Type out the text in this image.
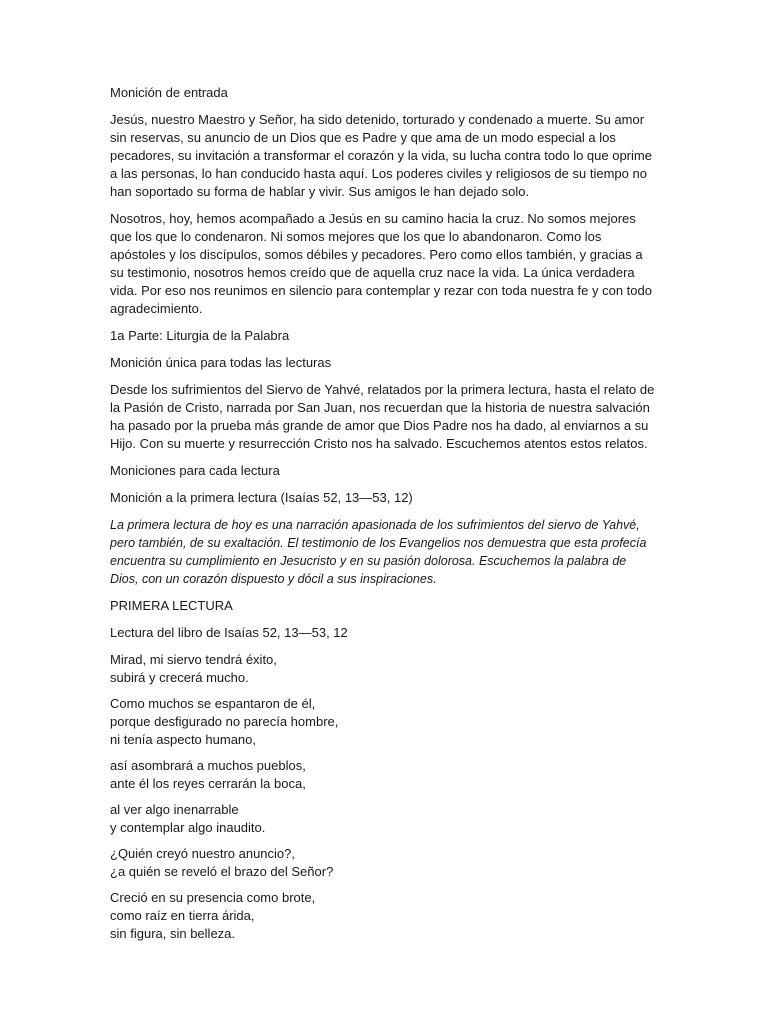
Monición de entrada

Jesús, nuestro Maestro y Señor, ha sido detenido, torturado y condenado a muerte. Su amor sin reservas, su anuncio de un Dios que es Padre y que ama de un modo especial a los pecadores, su invitación a transformar el corazón y la vida, su lucha contra todo lo que oprime a las personas, lo han conducido hasta aquí. Los poderes civiles y religiosos de su tiempo no han soportado su forma de hablar y vivir. Sus amigos le han dejado solo.

Nosotros, hoy, hemos acompañado a Jesús en su camino hacia la cruz. No somos mejores que los que lo condenaron. Ni somos mejores que los que lo abandonaron. Como los apóstoles y los discípulos, somos débiles y pecadores. Pero como ellos también, y gracias a su testimonio, nosotros hemos creído que de aquella cruz nace la vida. La única verdadera vida. Por eso nos reunimos en silencio para contemplar y rezar con toda nuestra fe y con todo agradecimiento.

1a Parte: Liturgia de la Palabra

Monición única para todas las lecturas

Desde los sufrimientos del Siervo de Yahvé, relatados por la primera lectura, hasta el relato de la Pasión de Cristo, narrada por San Juan, nos recuerdan que la historia de nuestra salvación ha pasado por la prueba más grande de amor que Dios Padre nos ha dado, al enviarnos a su Hijo. Con su muerte y resurrección Cristo nos ha salvado. Escuchemos atentos estos relatos.

Moniciones para cada lectura

Monición a la primera lectura (Isaías 52, 13—53, 12)

La primera lectura de hoy es una narración apasionada de los sufrimientos del siervo de Yahvé, pero también, de su exaltación. El testimonio de los Evangelios nos demuestra que esta profecía encuentra su cumplimiento en Jesucristo y en su pasión dolorosa. Escuchemos la palabra de Dios, con un corazón dispuesto y dócil a sus inspiraciones.

PRIMERA LECTURA

Lectura del libro de Isaías 52, 13—53, 12

Mirad, mi siervo tendrá éxito,
subirá y crecerá mucho.

Como muchos se espantaron de él,
porque desfigurado no parecía hombre,
ni tenía aspecto humano,

así asombrará a muchos pueblos,
ante él los reyes cerrarán la boca,

al ver algo inenarrable
y contemplar algo inaudito.

¿Quién creyó nuestro anuncio?,
¿a quién se reveló el brazo del Señor?

Creció en su presencia como brote,
como raíz en tierra árida,
sin figura, sin belleza.
